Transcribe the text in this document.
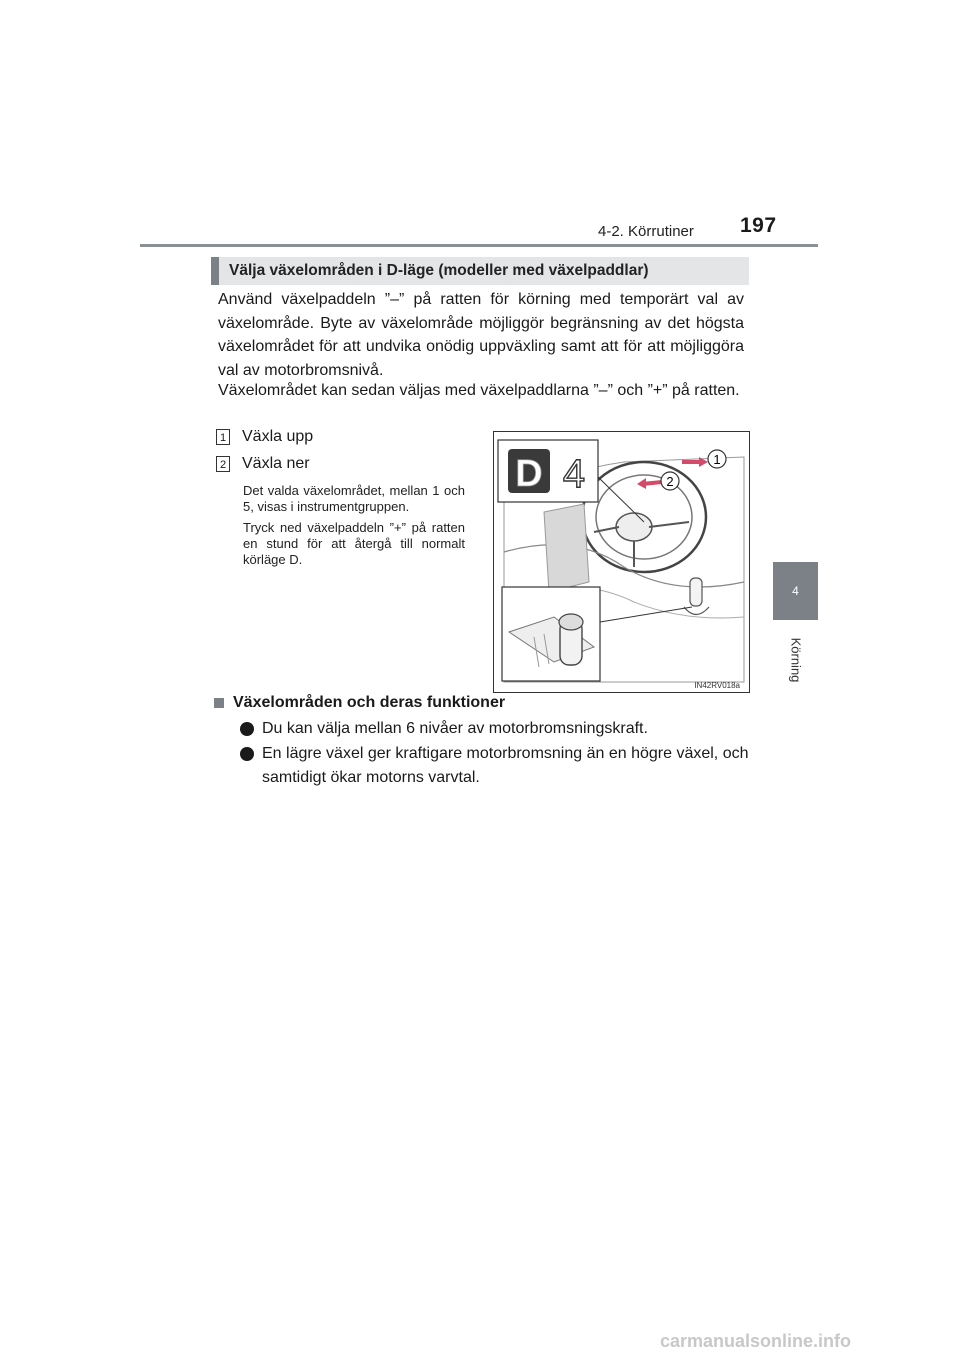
4-2. Körrutiner 197
4
Körning
Välja växelområden i D-läge (modeller med växelpaddlar)
Använd växelpaddeln ”–” på ratten för körning med temporärt val av växelområde. Byte av växelområde möjliggör begränsning av det högsta växelområdet för att undvika onödig uppväxling samt att för att möjliggöra val av motorbromsnivå.
Växelområdet kan sedan väljas med växelpaddlarna ”–” och ”+” på ratten.
1 Växla upp
2 Växla ner
Det valda växelområdet, mellan 1 och 5, visas i instrumentgruppen.
Tryck ned växelpaddeln ”+” på ratten en stund för att återgå till normalt körläge D.
D 4	1
2
IN42RV018a
Växelområden och deras funktioner
Du kan välja mellan 6 nivåer av motorbromsningskraft.
En lägre växel ger kraftigare motorbromsning än en högre växel, och samtidigt ökar motorns varvtal.
carmanualsonline.info
